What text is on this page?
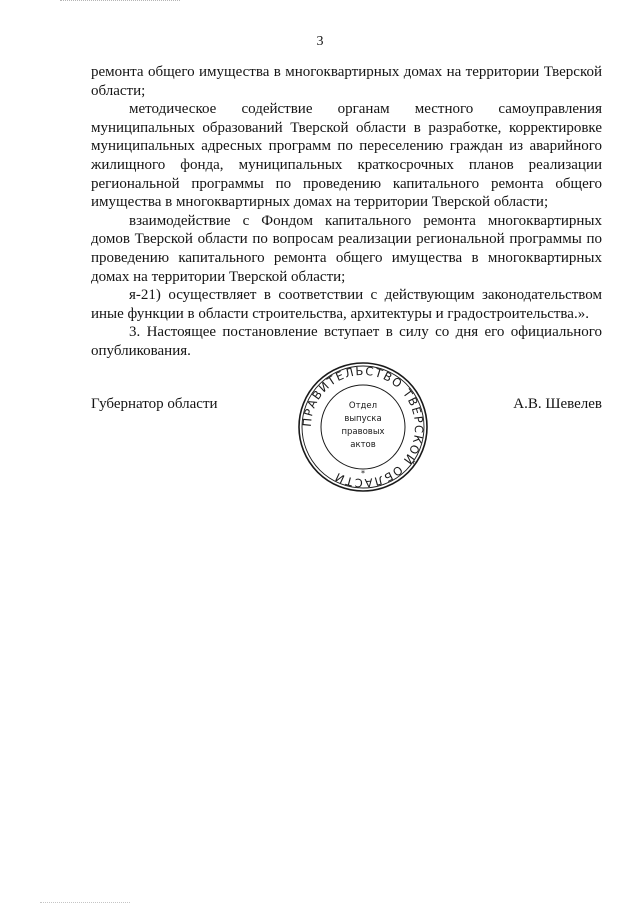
3

ремонта общего имущества в многоквартирных домах на территории Тверской области;

методическое содействие органам местного самоуправления муниципальных образований Тверской области в разработке, корректировке муниципальных адресных программ по переселению граждан из аварийного жилищного фонда, муниципальных краткосрочных планов реализации региональной программы по проведению капитального ремонта общего имущества в многоквартирных домах на территории Тверской области;

взаимодействие с Фондом капитального ремонта многоквартирных домов Тверской области по вопросам реализации региональной программы по проведению капитального ремонта общего имущества в многоквартирных домах на территории Тверской области;

я-21) осуществляет в соответствии с действующим законодательством иные функции в области строительства, архитектуры и градостроительства.».

3. Настоящее постановление вступает в силу со дня его официального опубликования.

Губернатор области	А.В. Шевелев
ПРАВИТЕЛЬСТВО ТВЕРСКОЙ ОБЛАСТИ
Отдел
выпуска
правовых
актов
*
